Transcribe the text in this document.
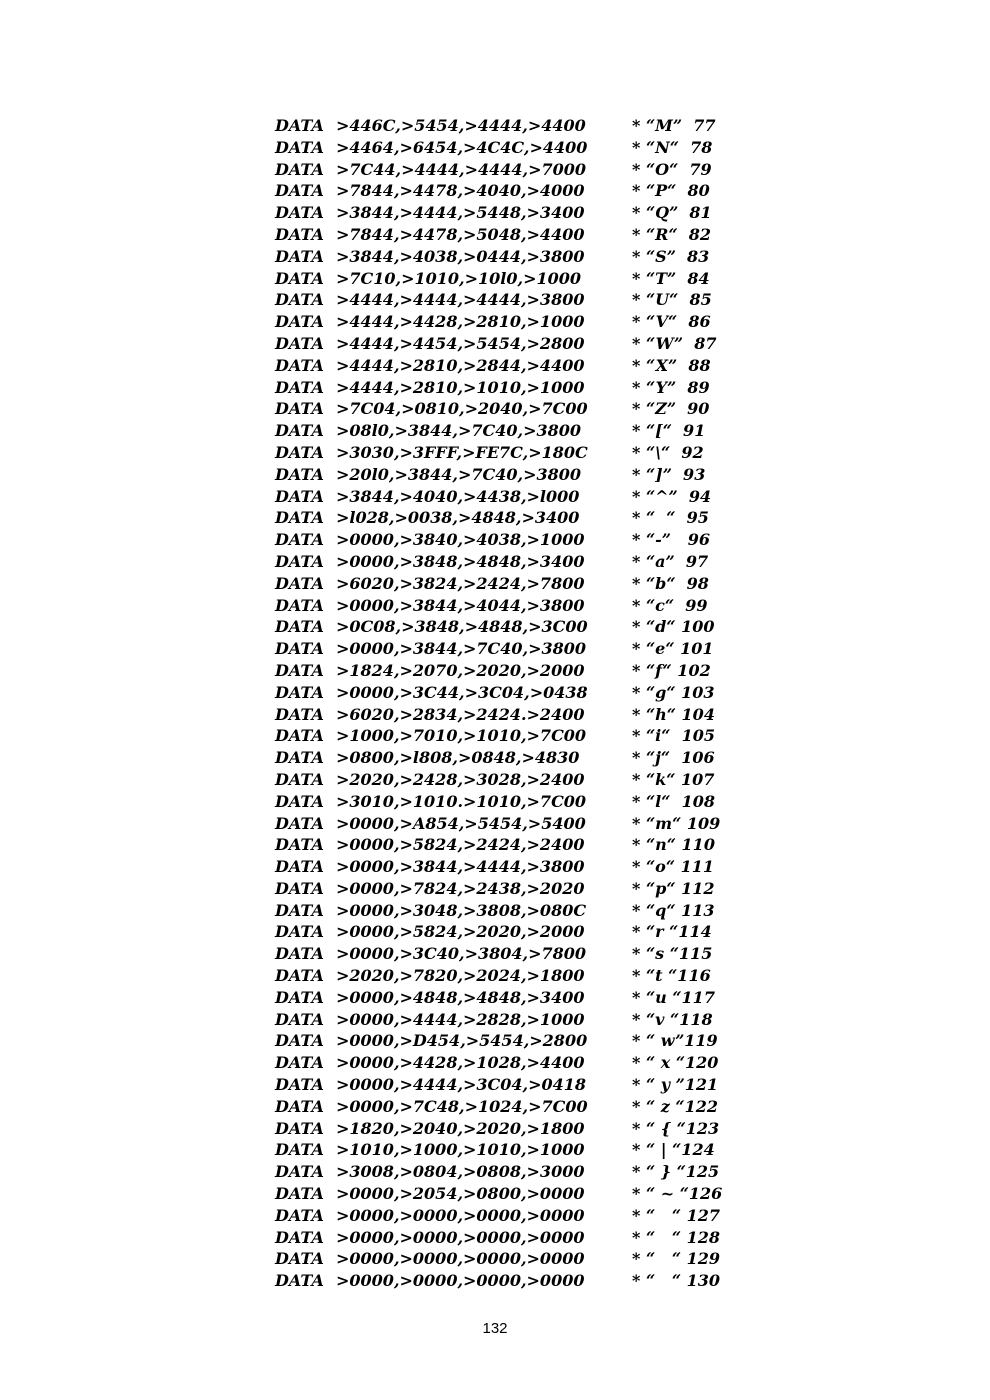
DATA >446C,>5454,>4444,>4400	* “M”  77
DATA >4464,>6454,>4C4C,>4400	* “N“  78
DATA >7C44,>4444,>4444,>7000	* “O“  79
DATA >7844,>4478,>4040,>4000	* “P“  80
DATA >3844,>4444,>5448,>3400	* “Q”  81
DATA >7844,>4478,>5048,>4400	* “R“  82
DATA >3844,>4038,>0444,>3800	* “S”  83
DATA >7C10,>1010,>10l0,>1000	* “T”  84
DATA >4444,>4444,>4444,>3800	* “U“  85
DATA >4444,>4428,>2810,>1000	* “V“  86
DATA >4444,>4454,>5454,>2800	* “W”  87
DATA >4444,>2810,>2844,>4400	* “X”  88
DATA >4444,>2810,>1010,>1000	* “Y”  89
DATA >7C04,>0810,>2040,>7C00	* “Z”  90
DATA >08l0,>3844,>7C40,>3800	* “[“  91
DATA >3030,>3FFF,>FE7C,>180C	* “\“  92
DATA >20l0,>3844,>7C40,>3800	* “]”  93
DATA >3844,>4040,>4438,>l000	* “^”  94
DATA >l028,>0038,>4848,>3400	* “  “  95
DATA >0000,>3840,>4038,>1000	* “-”   96
DATA >0000,>3848,>4848,>3400	* “a”  97
DATA >6020,>3824,>2424,>7800	* “b“  98
DATA >0000,>3844,>4044,>3800	* “c“  99
DATA >0C08,>3848,>4848,>3C00	* “d“ 100
DATA >0000,>3844,>7C40,>3800	* “e“ 101
DATA >1824,>2070,>2020,>2000	* “f“ 102
DATA >0000,>3C44,>3C04,>0438	* “g“ 103
DATA >6020,>2834,>2424.>2400	* “h“ 104
DATA >1000,>7010,>1010,>7C00	* “i“  105
DATA >0800,>l808,>0848,>4830	* “j“  106
DATA >2020,>2428,>3028,>2400	* “k“ 107
DATA >3010,>1010.>1010,>7C00	* “l“  108
DATA >0000,>A854,>5454,>5400	* “m“ 109
DATA >0000,>5824,>2424,>2400	* “n“ 110
DATA >0000,>3844,>4444,>3800	* “o“ 111
DATA >0000,>7824,>2438,>2020	* “p“ 112
DATA >0000,>3048,>3808,>080C	* “q“ 113
DATA >0000,>5824,>2020,>2000	* “r “114
DATA >0000,>3C40,>3804,>7800	* “s “115
DATA >2020,>7820,>2024,>1800	* “t “116
DATA >0000,>4848,>4848,>3400	* “u “117
DATA >0000,>4444,>2828,>1000	* “v “118
DATA >0000,>D454,>5454,>2800	* “ w”119
DATA >0000,>4428,>1028,>4400	* “ x “120
DATA >0000,>4444,>3C04,>0418	* “ y ”121
DATA >0000,>7C48,>1024,>7C00	* “ z “122
DATA >1820,>2040,>2020,>1800	* “ { “123
DATA >1010,>1000,>1010,>1000	* “ | “124
DATA >3008,>0804,>0808,>3000	* “ } “125
DATA >0000,>2054,>0800,>0000	* “ ~ “126
DATA >0000,>0000,>0000,>0000	* “   “ 127
DATA >0000,>0000,>0000,>0000	* “   “ 128
DATA >0000,>0000,>0000,>0000	* “   “ 129
DATA >0000,>0000,>0000,>0000	* “   “ 130
132
